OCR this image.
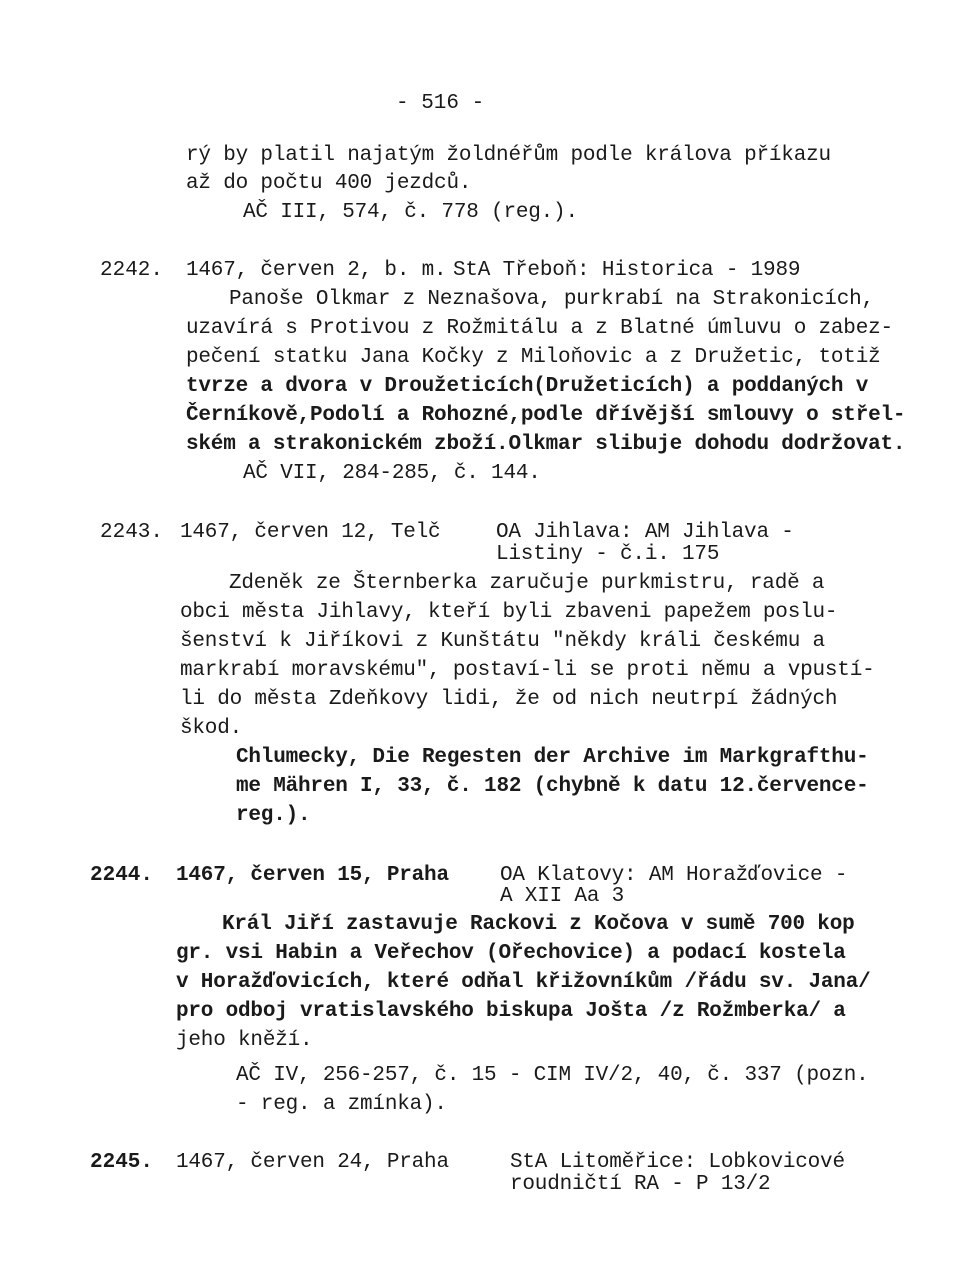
- 516 -
rý by platil najatým žoldnéřům podle králova příkazu
až do počtu 400 jezdců.
AČ III, 574, č. 778 (reg.).
2242. 1467, červen 2, b. m. StA Třeboň: Historica - 1989
Panoše Olkmar z Neznašova, purkrabí na Strakonicích,
uzavírá s Protivou z Rožmitálu a z Blatné úmluvu o zabez-
pečení statku Jana Kočky z Miloňovic a z Družetic, totiž
tvrze a dvora v Droužeticích(Družeticích) a poddaných v
Černíkově,Podolí a Rohozné,podle dřívější smlouvy o střel-
ském a strakonickém zboží.Olkmar slibuje dohodu dodržovat.
AČ VII, 284-285, č. 144.
2243. 1467, červen 12, Telč	OA Jihlava: AM Jihlava -
Listiny - č.i. 175
Zdeněk ze Šternberka zaručuje purkmistru, radě a
obci města Jihlavy, kteří byli zbaveni papežem poslu-
šenství k Jiříkovi z Kunštátu "někdy králi českému a
markrabí moravskému", postaví-li se proti němu a vpustí-
li do města Zdeňkovy lidi, že od nich neutrpí žádných
škod.
Chlumecky, Die Regesten der Archive im Markgrafthu-
me Mähren I, 33, č. 182 (chybně k datu 12.července-
reg.).
2244. 1467, červen 15, Praha OA Klatovy: AM Horažďovice -
A XII Aa 3
Král Jiří zastavuje Rackovi z Kočova v sumě 700 kop
gr. vsi Habin a Veřechov (Ořechovice) a podací kostela
v Horažďovicích, které odňal křižovníkům /řádu sv. Jana/
pro odboj vratislavského biskupa Jošta /z Rožmberka/ a
jeho kněží.
AČ IV, 256-257, č. 15 - CIM IV/2, 40, č. 337 (pozn.
- reg. a zmínka).
2245. 1467, červen 24, Praha	StA Litoměřice: Lobkovicové
roudničtí RA - P 13/2
